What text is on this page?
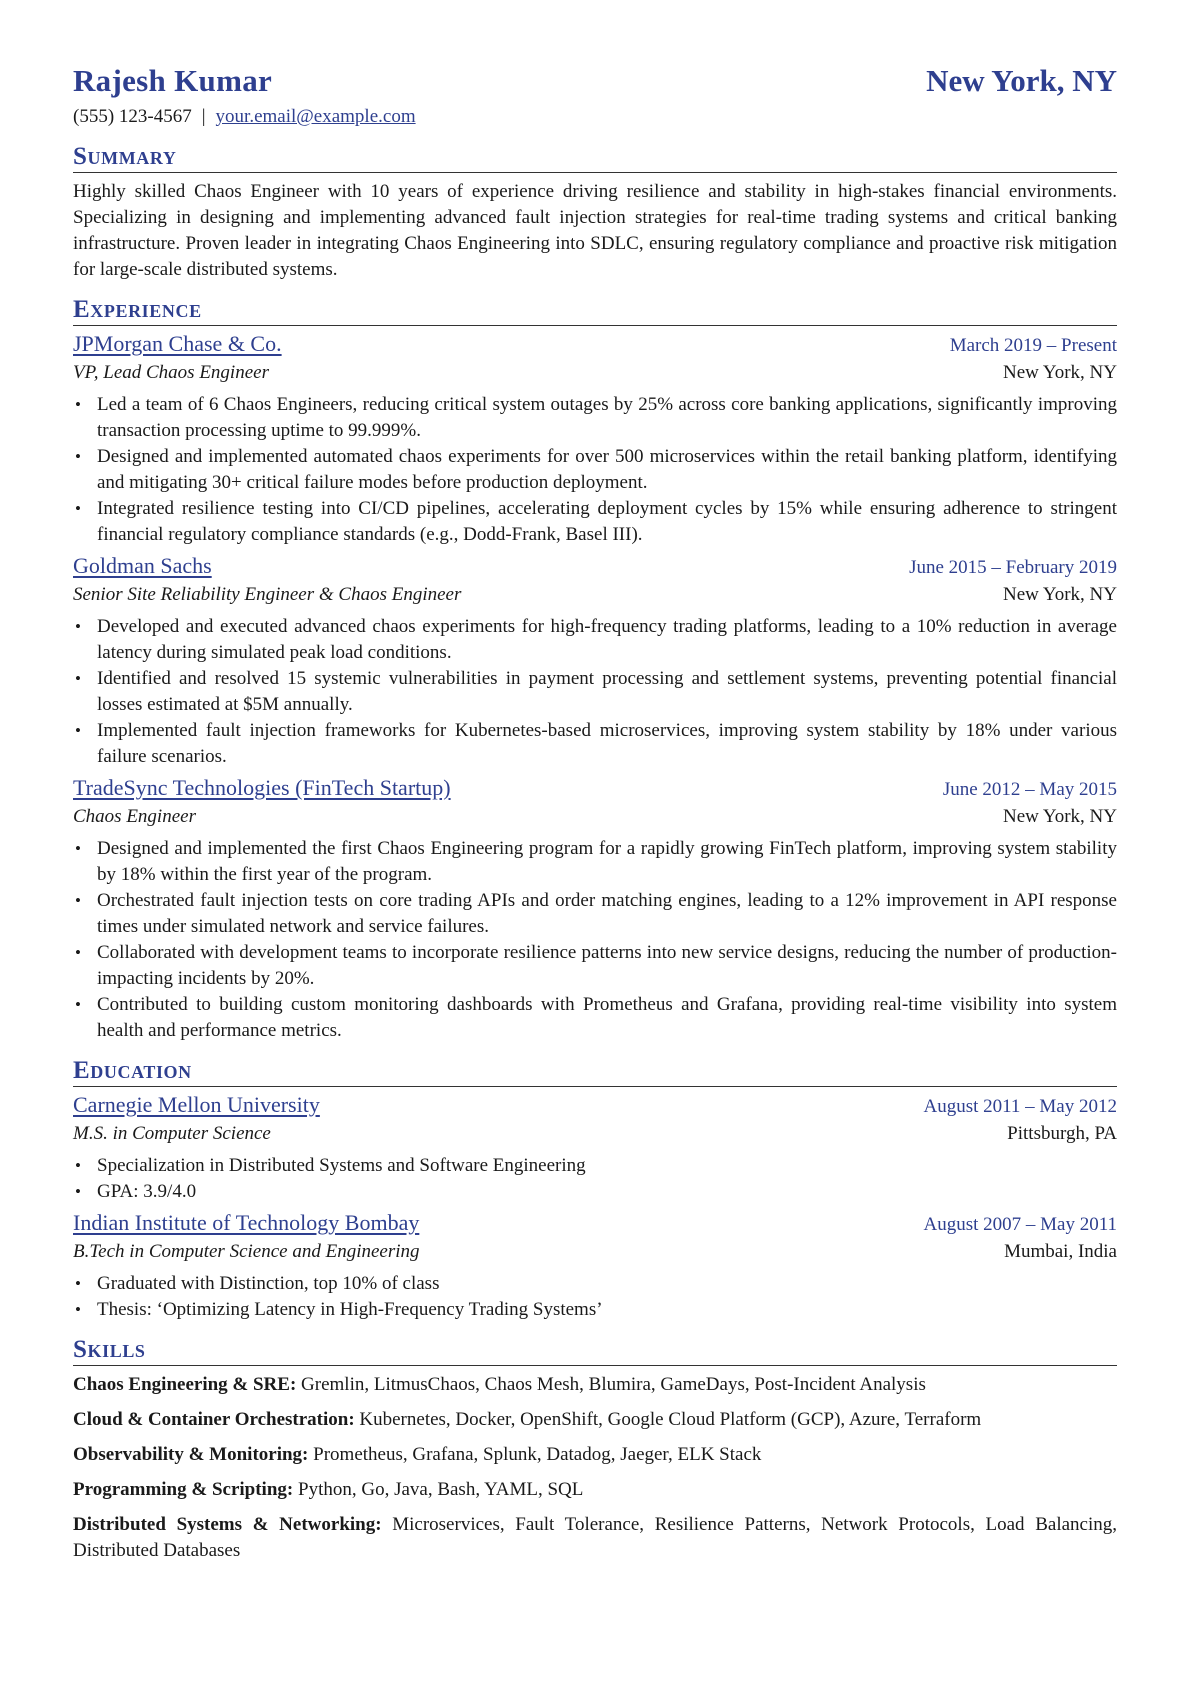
Rajesh Kumar	New York, NY
(555) 123-4567 | your.email@example.com
Summary
Highly skilled Chaos Engineer with 10 years of experience driving resilience and stability in high-stakes financial environments. Specializing in designing and implementing advanced fault injection strategies for real-time trading systems and critical banking infrastructure. Proven leader in integrating Chaos Engineering into SDLC, ensuring regulatory compliance and proactive risk mitigation for large-scale distributed systems.
Experience
JPMorgan Chase & Co.	March 2019 – Present
VP, Lead Chaos Engineer	New York, NY
• Led a team of 6 Chaos Engineers, reducing critical system outages by 25% across core banking applications, significantly improving transaction processing uptime to 99.999%.
• Designed and implemented automated chaos experiments for over 500 microservices within the retail banking platform, identifying and mitigating 30+ critical failure modes before production deployment.
• Integrated resilience testing into CI/CD pipelines, accelerating deployment cycles by 15% while ensuring adherence to stringent financial regulatory compliance standards (e.g., Dodd-Frank, Basel III).
Goldman Sachs	June 2015 – February 2019
Senior Site Reliability Engineer & Chaos Engineer	New York, NY
• Developed and executed advanced chaos experiments for high-frequency trading platforms, leading to a 10% reduction in average latency during simulated peak load conditions.
• Identified and resolved 15 systemic vulnerabilities in payment processing and settlement systems, preventing potential financial losses estimated at $5M annually.
• Implemented fault injection frameworks for Kubernetes-based microservices, improving system stability by 18% under various failure scenarios.
TradeSync Technologies (FinTech Startup)	June 2012 – May 2015
Chaos Engineer	New York, NY
• Designed and implemented the first Chaos Engineering program for a rapidly growing FinTech platform, improving system stability by 18% within the first year of the program.
• Orchestrated fault injection tests on core trading APIs and order matching engines, leading to a 12% improvement in API response times under simulated network and service failures.
• Collaborated with development teams to incorporate resilience patterns into new service designs, reducing the number of production-impacting incidents by 20%.
• Contributed to building custom monitoring dashboards with Prometheus and Grafana, providing real-time visibility into system health and performance metrics.
Education
Carnegie Mellon University	August 2011 – May 2012
M.S. in Computer Science	Pittsburgh, PA
• Specialization in Distributed Systems and Software Engineering
• GPA: 3.9/4.0
Indian Institute of Technology Bombay	August 2007 – May 2011
B.Tech in Computer Science and Engineering	Mumbai, India
• Graduated with Distinction, top 10% of class
• Thesis: ‘Optimizing Latency in High-Frequency Trading Systems’
Skills
Chaos Engineering & SRE: Gremlin, LitmusChaos, Chaos Mesh, Blumira, GameDays, Post-Incident Analysis
Cloud & Container Orchestration: Kubernetes, Docker, OpenShift, Google Cloud Platform (GCP), Azure, Terraform
Observability & Monitoring: Prometheus, Grafana, Splunk, Datadog, Jaeger, ELK Stack
Programming & Scripting: Python, Go, Java, Bash, YAML, SQL
Distributed Systems & Networking: Microservices, Fault Tolerance, Resilience Patterns, Network Protocols, Load Balancing, Distributed Databases
